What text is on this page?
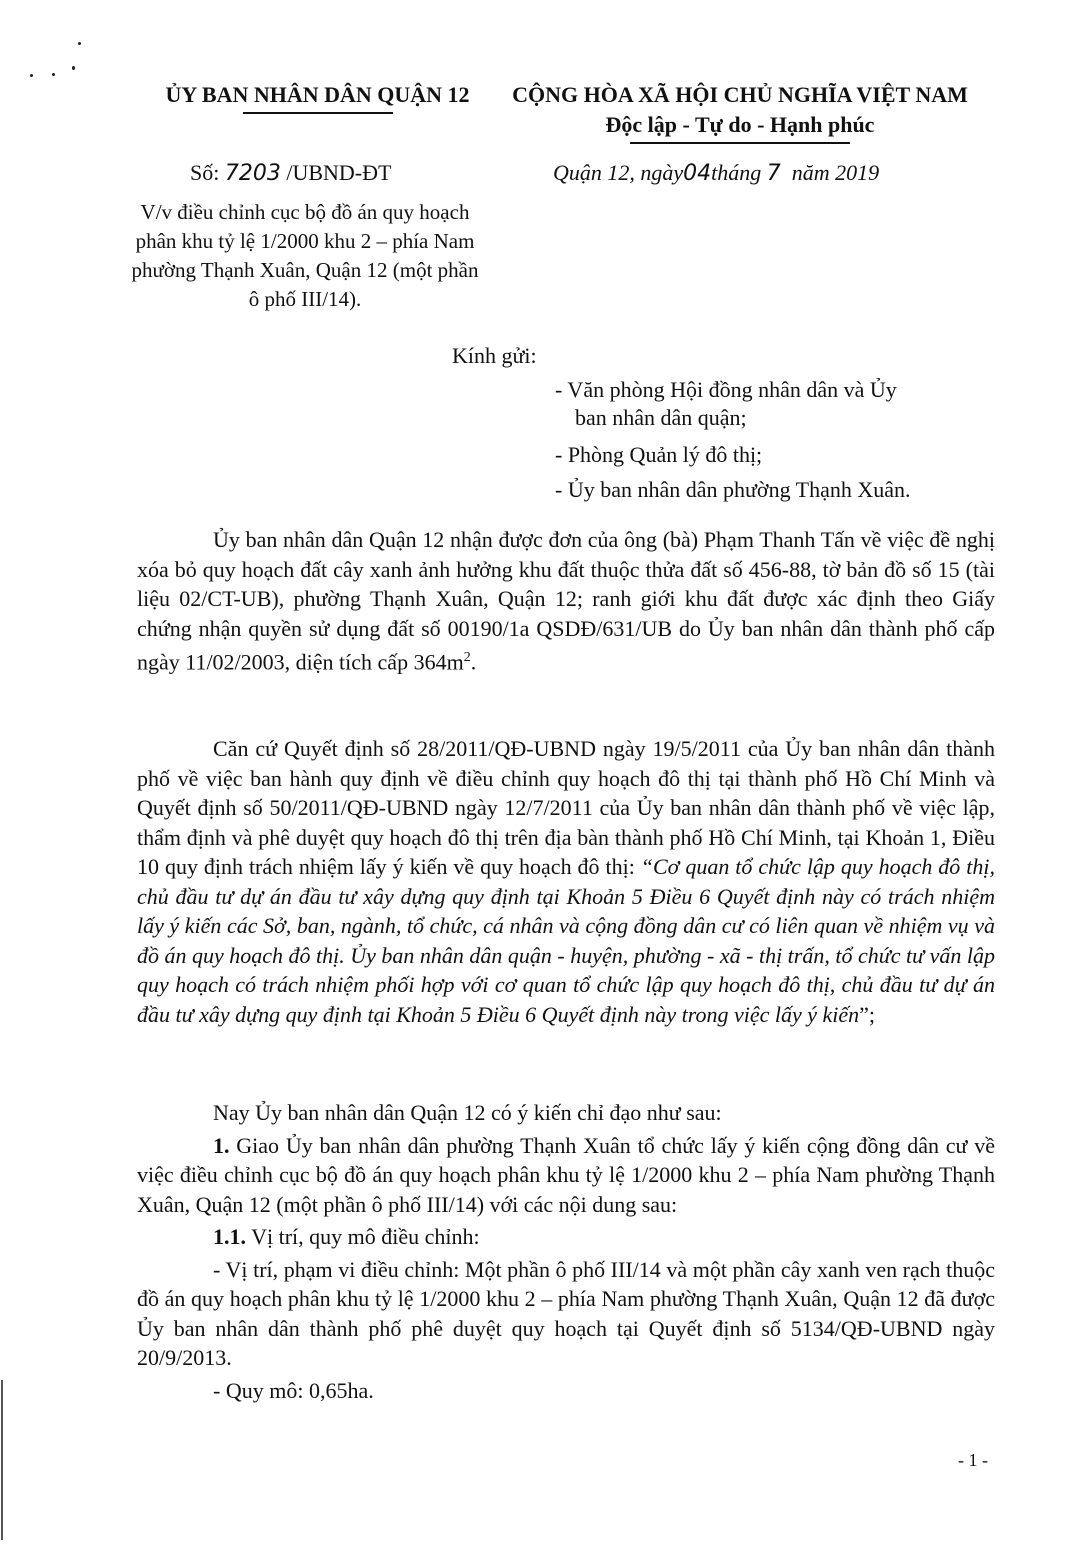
ỦY BAN NHÂN DÂN QUẬN 12	CỘNG HÒA XÃ HỘI CHỦ NGHĨA VIỆT NAM
Độc lập - Tự do - Hạnh phúc
Số: 7203 /UBND-ĐT	Quận 12, ngày04tháng 7  năm 2019
V/v điều chỉnh cục bộ đồ án quy hoạch phân khu tỷ lệ 1/2000 khu 2 – phía Nam phường Thạnh Xuân, Quận 12 (một phần ô phố III/14).
Kính gửi:
- Văn phòng Hội đồng nhân dân và Ủy
ban nhân dân quận;
- Phòng Quản lý đô thị;
- Ủy ban nhân dân phường Thạnh Xuân.

Ủy ban nhân dân Quận 12 nhận được đơn của ông (bà) Phạm Thanh Tấn về việc đề nghị xóa bỏ quy hoạch đất cây xanh ảnh hưởng khu đất thuộc thửa đất số 456-88, tờ bản đồ số 15 (tài liệu 02/CT-UB), phường Thạnh Xuân, Quận 12; ranh giới khu đất được xác định theo Giấy chứng nhận quyền sử dụng đất số 00190/1a QSDĐ/631/UB do Ủy ban nhân dân thành phố cấp ngày 11/02/2003, diện tích cấp $364m^2$.

Căn cứ Quyết định số 28/2011/QĐ-UBND ngày 19/5/2011 của Ủy ban nhân dân thành phố về việc ban hành quy định về điều chỉnh quy hoạch đô thị tại thành phố Hồ Chí Minh và Quyết định số 50/2011/QĐ-UBND ngày 12/7/2011 của Ủy ban nhân dân thành phố về việc lập, thẩm định và phê duyệt quy hoạch đô thị trên địa bàn thành phố Hồ Chí Minh, tại Khoản 1, Điều 10 quy định trách nhiệm lấy ý kiến về quy hoạch đô thị: “Cơ quan tổ chức lập quy hoạch đô thị, chủ đầu tư dự án đầu tư xây dựng quy định tại Khoản 5 Điều 6 Quyết định này có trách nhiệm lấy ý kiến các Sở, ban, ngành, tổ chức, cá nhân và cộng đồng dân cư có liên quan về nhiệm vụ và đồ án quy hoạch đô thị. Ủy ban nhân dân quận - huyện, phường - xã - thị trấn, tổ chức tư vấn lập quy hoạch có trách nhiệm phối hợp với cơ quan tổ chức lập quy hoạch đô thị, chủ đầu tư dự án đầu tư xây dựng quy định tại Khoản 5 Điều 6 Quyết định này trong việc lấy ý kiến”;

Nay Ủy ban nhân dân Quận 12 có ý kiến chỉ đạo như sau:

1. Giao Ủy ban nhân dân phường Thạnh Xuân tổ chức lấy ý kiến cộng đồng dân cư về việc điều chỉnh cục bộ đồ án quy hoạch phân khu tỷ lệ 1/2000 khu 2 – phía Nam phường Thạnh Xuân, Quận 12 (một phần ô phố III/14) với các nội dung sau:

1.1. Vị trí, quy mô điều chỉnh:

- Vị trí, phạm vi điều chỉnh: Một phần ô phố III/14 và một phần cây xanh ven rạch thuộc đồ án quy hoạch phân khu tỷ lệ 1/2000 khu 2 – phía Nam phường Thạnh Xuân, Quận 12 đã được Ủy ban nhân dân thành phố phê duyệt quy hoạch tại Quyết định số 5134/QĐ-UBND ngày 20/9/2013.

- Quy mô: 0,65ha.

- 1 -
